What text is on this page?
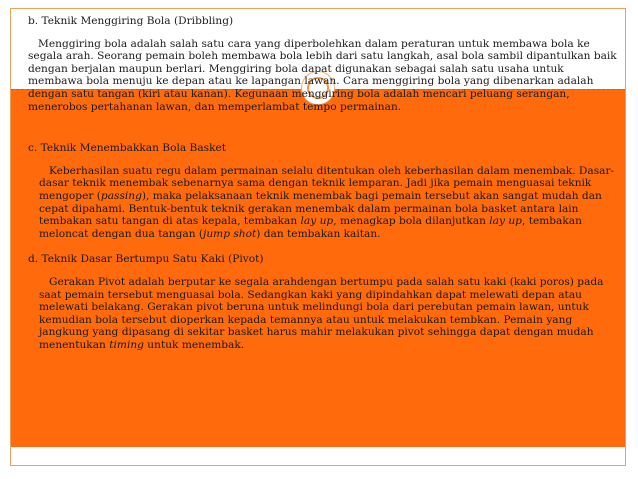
b. Teknik Menggiring Bola (Dribbling)

Menggiring bola adalah salah satu cara yang diperbolehkan dalam peraturan untuk membawa bola ke segala arah. Seorang pemain boleh membawa bola lebih dari satu langkah, asal bola sambil dipantulkan baik dengan berjalan maupun berlari. Menggiring bola dapat digunakan sebagai salah satu usaha untuk membawa bola menuju ke depan atau ke lapangan lawan. Cara menggiring bola yang dibenarkan adalah dengan satu tangan (kiri atau kanan). Kegunaan menggiring bola adalah mencari peluang serangan, menerobos pertahanan lawan, dan memperlambat tempo permainan.

c. Teknik Menembakkan Bola Basket

Keberhasilan suatu regu dalam permainan selalu ditentukan oleh keberhasilan dalam menembak. Dasar-dasar teknik menembak sebenarnya sama dengan teknik lemparan. Jadi jika pemain menguasai teknik mengoper (passing), maka pelaksanaan teknik menembak bagi pemain tersebut akan sangat mudah dan cepat dipahami. Bentuk-bentuk teknik gerakan menembak dalam permainan bola basket antara lain tembakan satu tangan di atas kepala, tembakan lay up, menagkap bola dilanjutkan lay up, tembakan meloncat dengan dua tangan (jump shot) dan tembakan kaitan.

d. Teknik Dasar Bertumpu Satu Kaki (Pivot)

Gerakan Pivot adalah berputar ke segala arahdengan bertumpu pada salah satu kaki (kaki poros) pada saat pemain tersebut menguasai bola. Sedangkan kaki yang dipindahkan dapat melewati depan atau melewati belakang. Gerakan pivot beruna untuk melindungi bola dari perebutan pemain lawan, untuk kemudian bola tersebut dioperkan kepada temannya atau untuk melakukan tembkan. Pemain yang jangkung yang dipasang di sekitar basket harus mahir melakukan pivot sehingga dapat dengan mudah menentukan timing untuk menembak.
